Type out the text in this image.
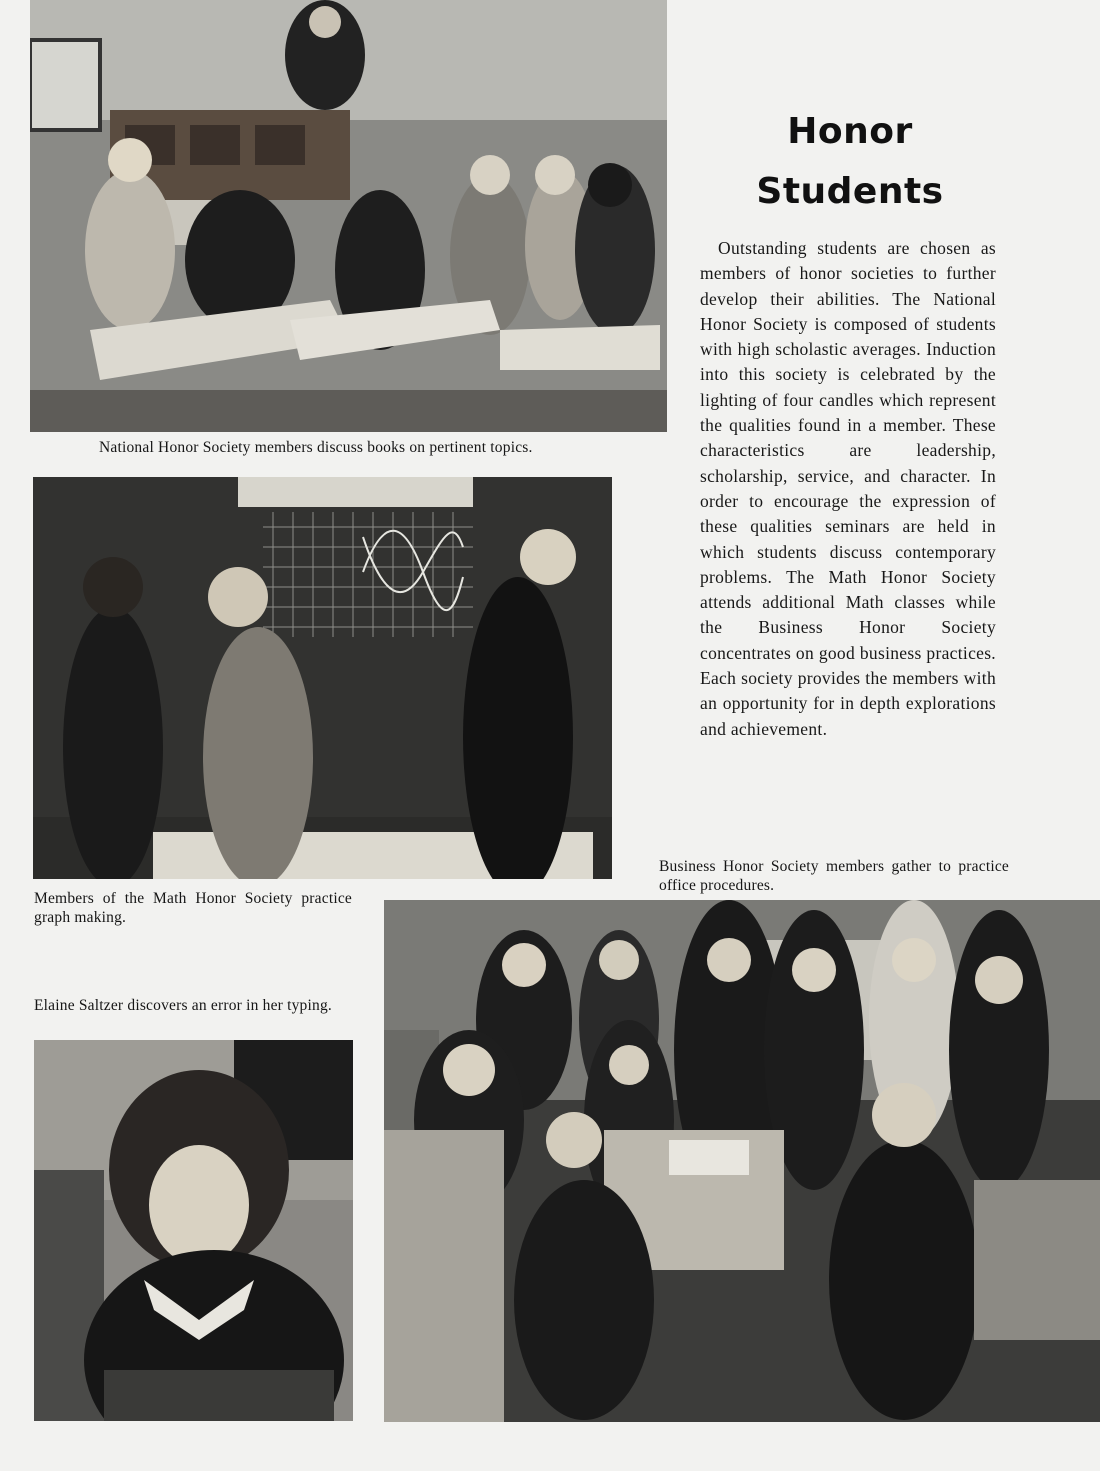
National Honor Society members discuss books on pertinent topics.
Members of the Math Honor Society practice graph making.
Honor
Students

Outstanding students are chosen as members of honor societies to further develop their abilities. The National Honor Society is composed of students with high scholastic averages. Induction into this society is celebrated by the lighting of four candles which represent the qualities found in a member. These characteristics are leadership, scholarship, service, and character. In order to encourage the expression of these qualities seminars are held in which students discuss contemporary problems. The Math Honor Society attends additional Math classes while the Business Honor Society concentrates on good business practices. Each society provides the members with an opportunity for in depth explorations and achievement.

Business Honor Society members gather to practice office procedures.
Elaine Saltzer discovers an error in her typing.
